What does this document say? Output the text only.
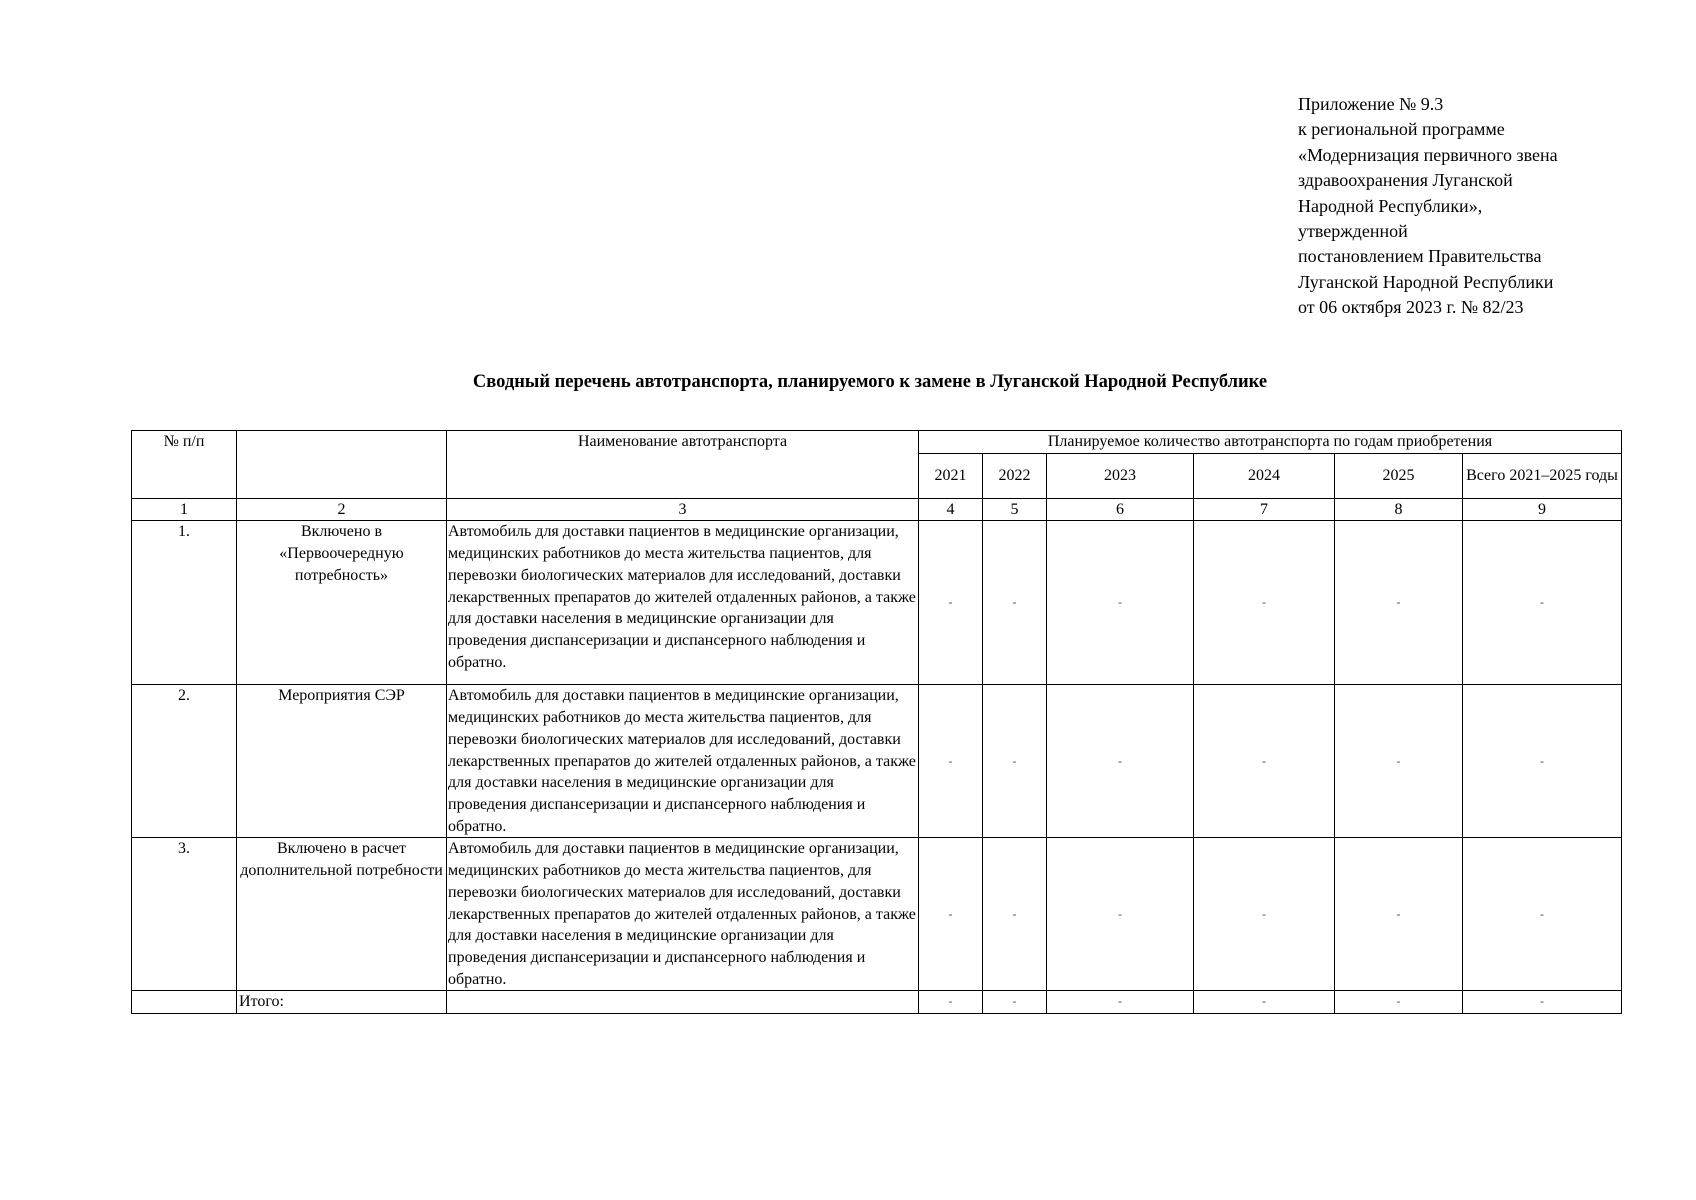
Приложение № 9.3
к региональной программе
«Модернизация первичного звена
здравоохранения Луганской
Народной Республики»,
утвержденной
постановлением Правительства
Луганской Народной Республики
от 06 октября 2023 г. № 82/23
Сводный перечень автотранспорта, планируемого к замене в Луганской Народной Республике
№ п/п		Наименование автотранспорта	Планируемое количество автотранспорта по годам приобретения					
			2021	2022	2023	2024	2025	Всего 2021–2025 годы
1	2	3	4	5	6	7	8	9
1.	Включено в «Первоочередную потребность»	Автомобиль для доставки пациентов в медицинские организации, медицинских работников до места жительства пациентов, для перевозки биологических материалов для исследований, доставки лекарственных препаратов до жителей отдаленных районов, а также для доставки населения в медицинские организации для проведения диспансеризации и диспансерного наблюдения и обратно.	-	-	-	-	-	-
2.	Мероприятия СЭР	Автомобиль для доставки пациентов в медицинские организации, медицинских работников до места жительства пациентов, для перевозки биологических материалов для исследований, доставки лекарственных препаратов до жителей отдаленных районов, а также для доставки населения в медицинские организации для проведения диспансеризации и диспансерного наблюдения и обратно.	-	-	-	-	-	-
3.	Включено в расчет дополнительной потребности	Автомобиль для доставки пациентов в медицинские организации, медицинских работников до места жительства пациентов, для перевозки биологических материалов для исследований, доставки лекарственных препаратов до жителей отдаленных районов, а также для доставки населения в медицинские организации для проведения диспансеризации и диспансерного наблюдения и обратно.	-	-	-	-	-	-
	Итого:		-	-	-	-	-	-
